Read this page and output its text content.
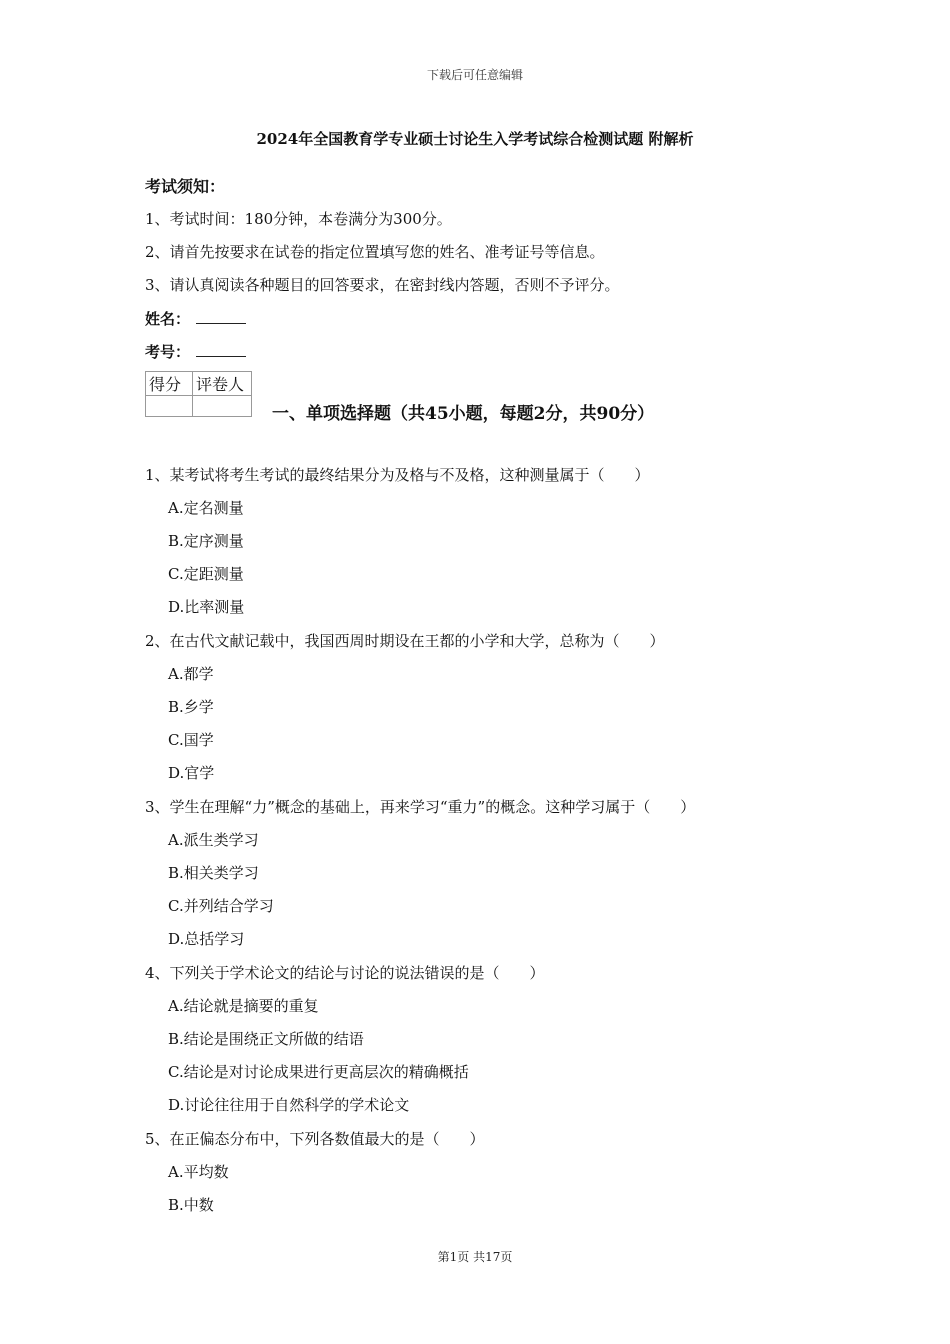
下载后可任意编辑
2024年全国教育学专业硕士讨论生入学考试综合检测试题 附解析
考试须知：
1、考试时间：180分钟，本卷满分为300分。
2、请首先按要求在试卷的指定位置填写您的姓名、准考证号等信息。
3、请认真阅读各种题目的回答要求，在密封线内答题，否则不予评分。
姓名：
考号：
得分	评卷人

一、单项选择题（共45小题，每题2分，共90分）
1、某考试将考生考试的最终结果分为及格与不及格，这种测量属于（　　）
A.定名测量
B.定序测量
C.定距测量
D.比率测量
2、在古代文献记载中，我国西周时期设在王都的小学和大学，总称为（　　）
A.都学
B.乡学
C.国学
D.官学
3、学生在理解“力”概念的基础上，再来学习“重力”的概念。这种学习属于（　　）
A.派生类学习
B.相关类学习
C.并列结合学习
D.总括学习
4、下列关于学术论文的结论与讨论的说法错误的是（　　）
A.结论就是摘要的重复
B.结论是围绕正文所做的结语
C.结论是对讨论成果进行更高层次的精确概括
D.讨论往往用于自然科学的学术论文
5、在正偏态分布中，下列各数值最大的是（　　）
A.平均数
B.中数
第1页 共17页
